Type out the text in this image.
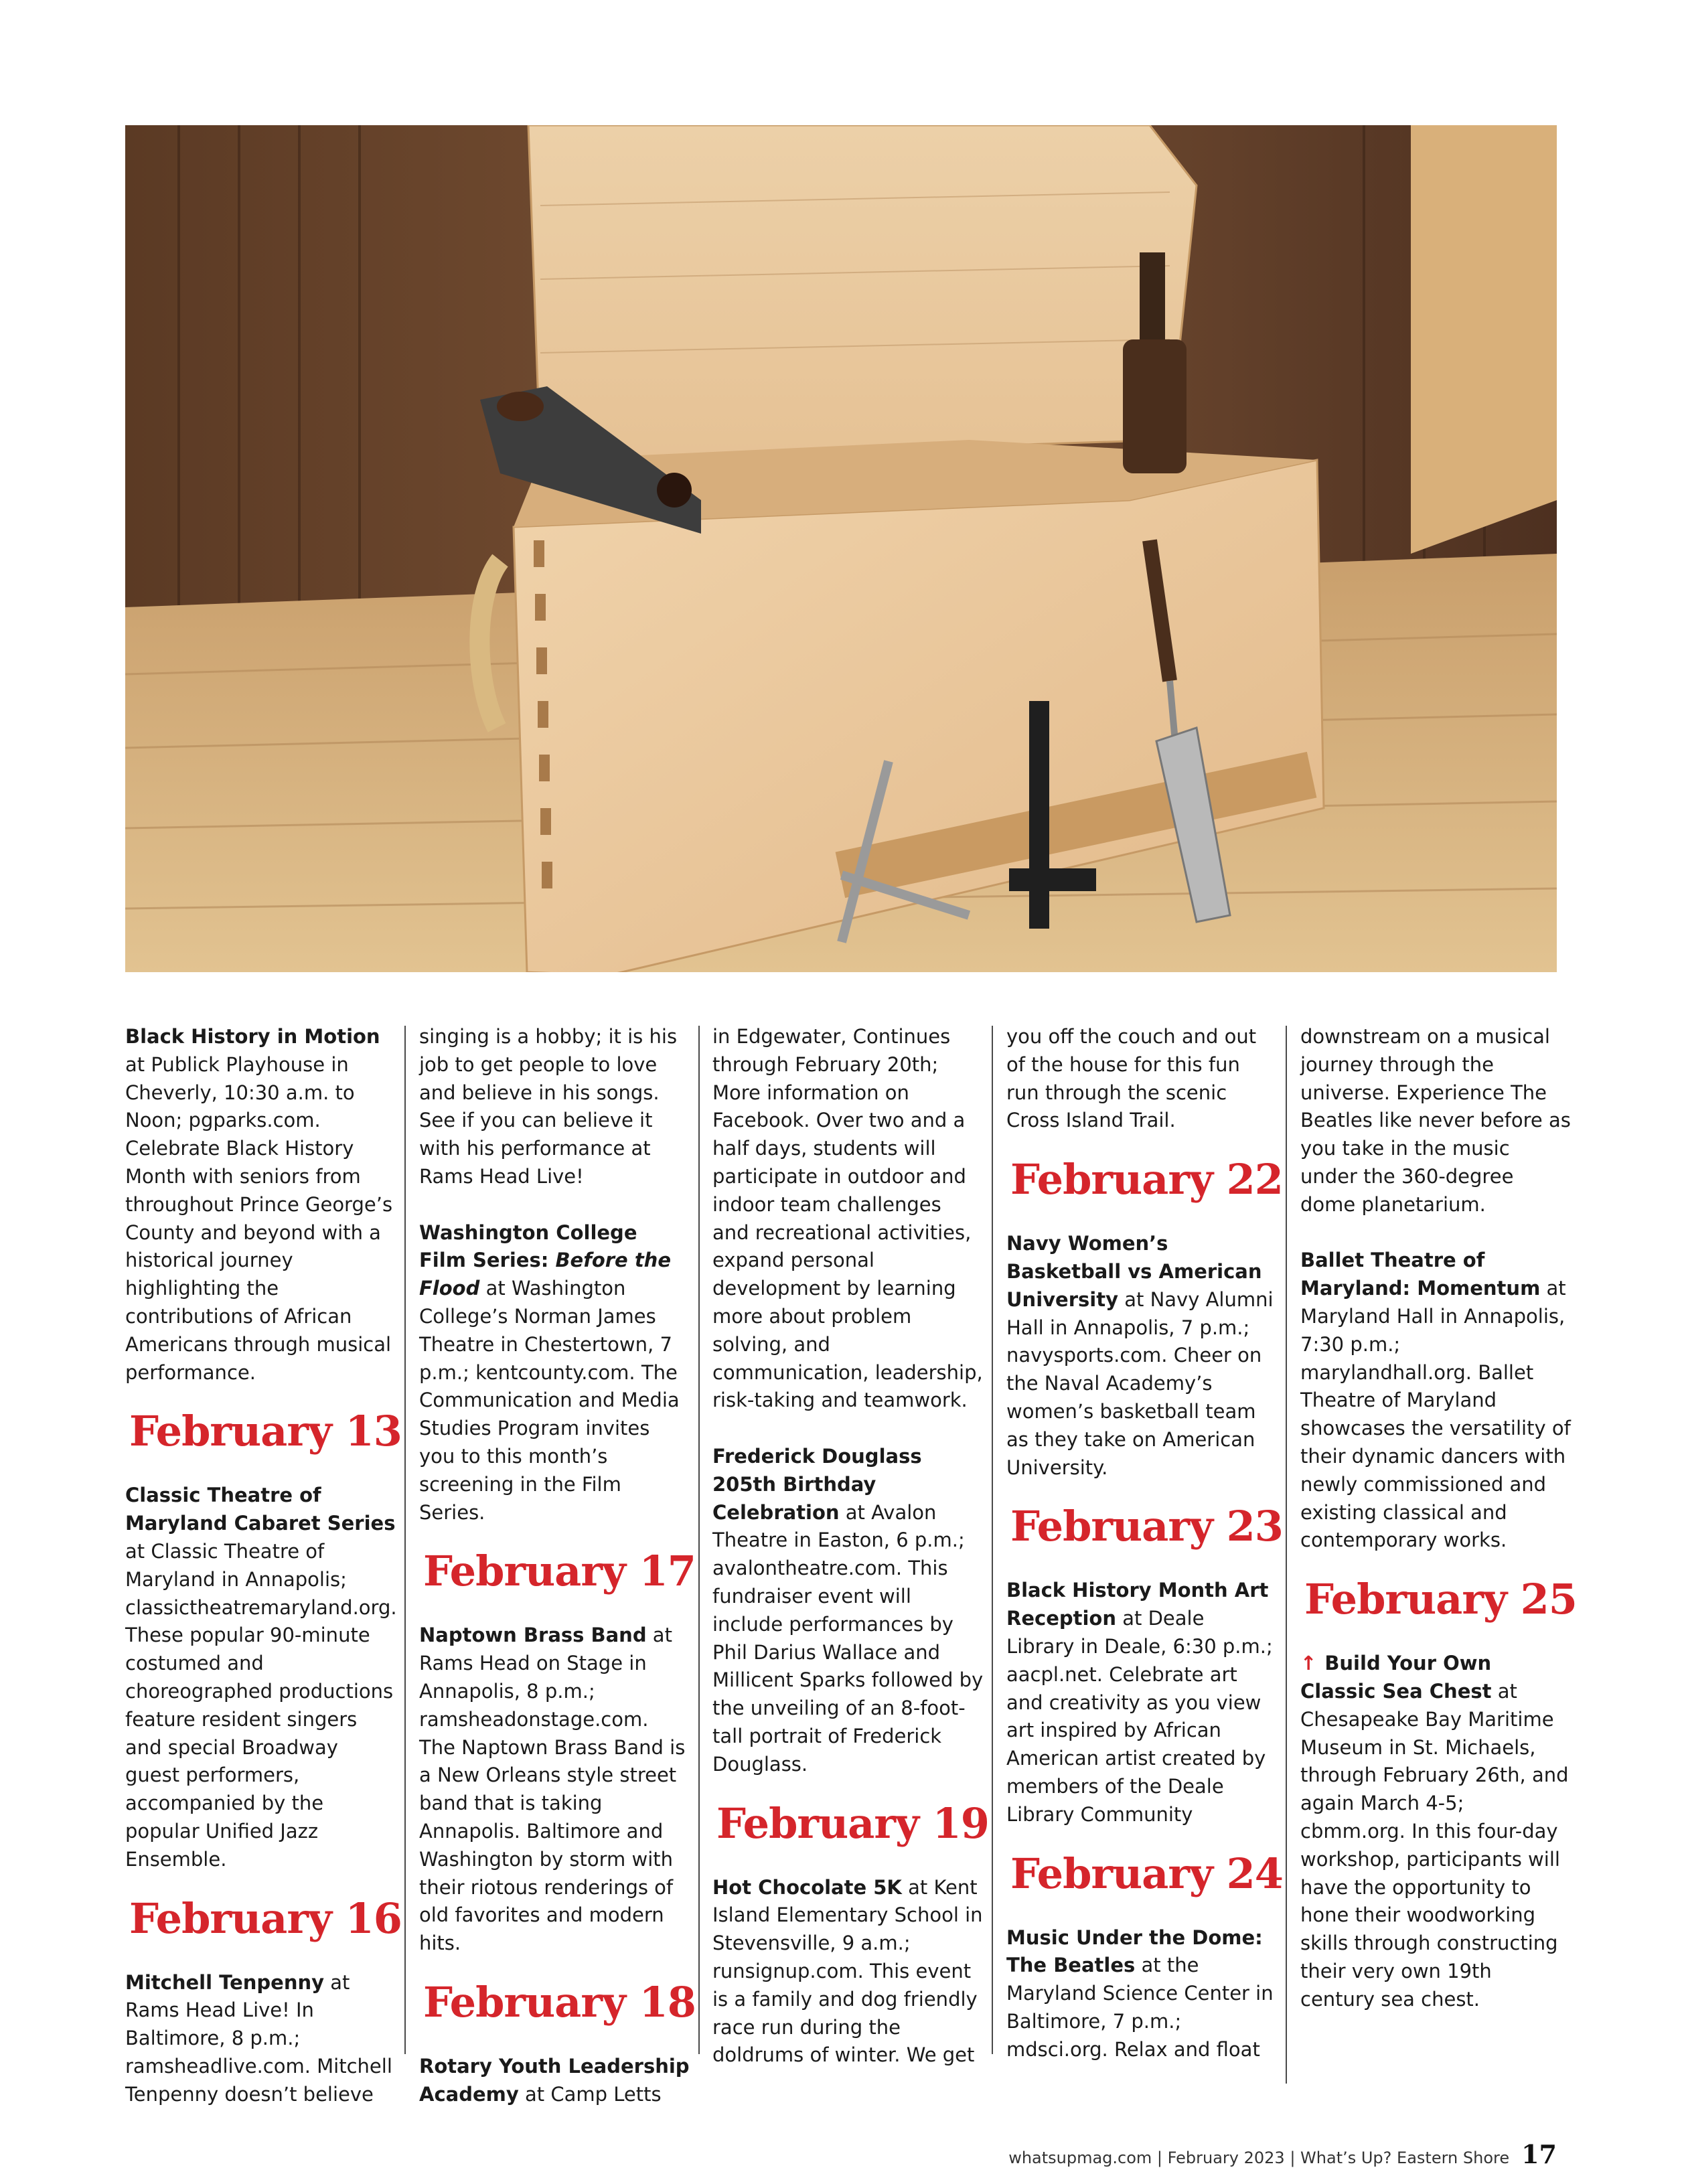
Black History in Motion at Publick Playhouse in Cheverly, 10:30 a.m. to Noon; pgparks.com. Celebrate Black History Month with seniors from throughout Prince George’s County and beyond with a historical journey highlighting the contributions of African Americans through musical performance.

February 13

Classic Theatre of Maryland Cabaret Series at Classic Theatre of Maryland in Annapolis; classictheatremaryland.org. These popular 90-minute costumed and choreographed productions feature resident singers and special Broadway guest performers, accompanied by the popular Unified Jazz Ensemble.

February 16

Mitchell Tenpenny at Rams Head Live! In Baltimore, 8 p.m.; ramsheadlive.com. Mitchell Tenpenny doesn’t believe

singing is a hobby; it is his job to get people to love and believe in his songs. See if you can believe it with his performance at Rams Head Live!

Washington College Film Series: Before the Flood at Washington College’s Norman James Theatre in Chestertown, 7 p.m.; kentcounty.com. The Communication and Media Studies Program invites you to this month’s screening in the Film Series.

February 17

Naptown Brass Band at Rams Head on Stage in Annapolis, 8 p.m.; ramsheadonstage.com. The Naptown Brass Band is a New Orleans style street band that is taking Annapolis. Baltimore and Washington by storm with their riotous renderings of old favorites and modern hits.

February 18

Rotary Youth Leadership Academy at Camp Letts

in Edgewater, Continues through February 20th; More information on Facebook. Over two and a half days, students will participate in outdoor and indoor team challenges and recreational activities, expand personal development by learning more about problem solving, and communication, leadership, risk-taking and teamwork.

Frederick Douglass 205th Birthday Celebration at Avalon Theatre in Easton, 6 p.m.; avalontheatre.com. This fundraiser event will include performances by Phil Darius Wallace and Millicent Sparks followed by the unveiling of an 8-foot-tall portrait of Frederick Douglass.

February 19

Hot Chocolate 5K at Kent Island Elementary School in Stevensville, 9 a.m.; runsignup.com. This event is a family and dog friendly race run during the doldrums of winter. We get

you off the couch and out of the house for this fun run through the scenic Cross Island Trail.

February 22

Navy Women’s Basketball vs American University at Navy Alumni Hall in Annapolis, 7 p.m.; navysports.com. Cheer on the Naval Academy’s women’s basketball team as they take on American University.

February 23

Black History Month Art Reception at Deale Library in Deale, 6:30 p.m.; aacpl.net. Celebrate art and creativity as you view art inspired by African American artist created by members of the Deale Library Community

February 24

Music Under the Dome: The Beatles at the Maryland Science Center in Baltimore, 7 p.m.; mdsci.org. Relax and float

downstream on a musical journey through the universe. Experience The Beatles like never before as you take in the music under the 360-degree dome planetarium.

Ballet Theatre of Maryland: Momentum at Maryland Hall in Annapolis, 7:30 p.m.; marylandhall.org. Ballet Theatre of Maryland showcases the versatility of their dynamic dancers with newly commissioned and existing classical and contemporary works.

February 25

↑ Build Your Own Classic Sea Chest at Chesapeake Bay Maritime Museum in St. Michaels, through February 26th, and again March 4-5; cbmm.org. In this four-day workshop, participants will have the opportunity to hone their woodworking skills through constructing their very own 19th century sea chest.

whatsupmag.com | February 2023 | What’s Up? Eastern Shore 17
